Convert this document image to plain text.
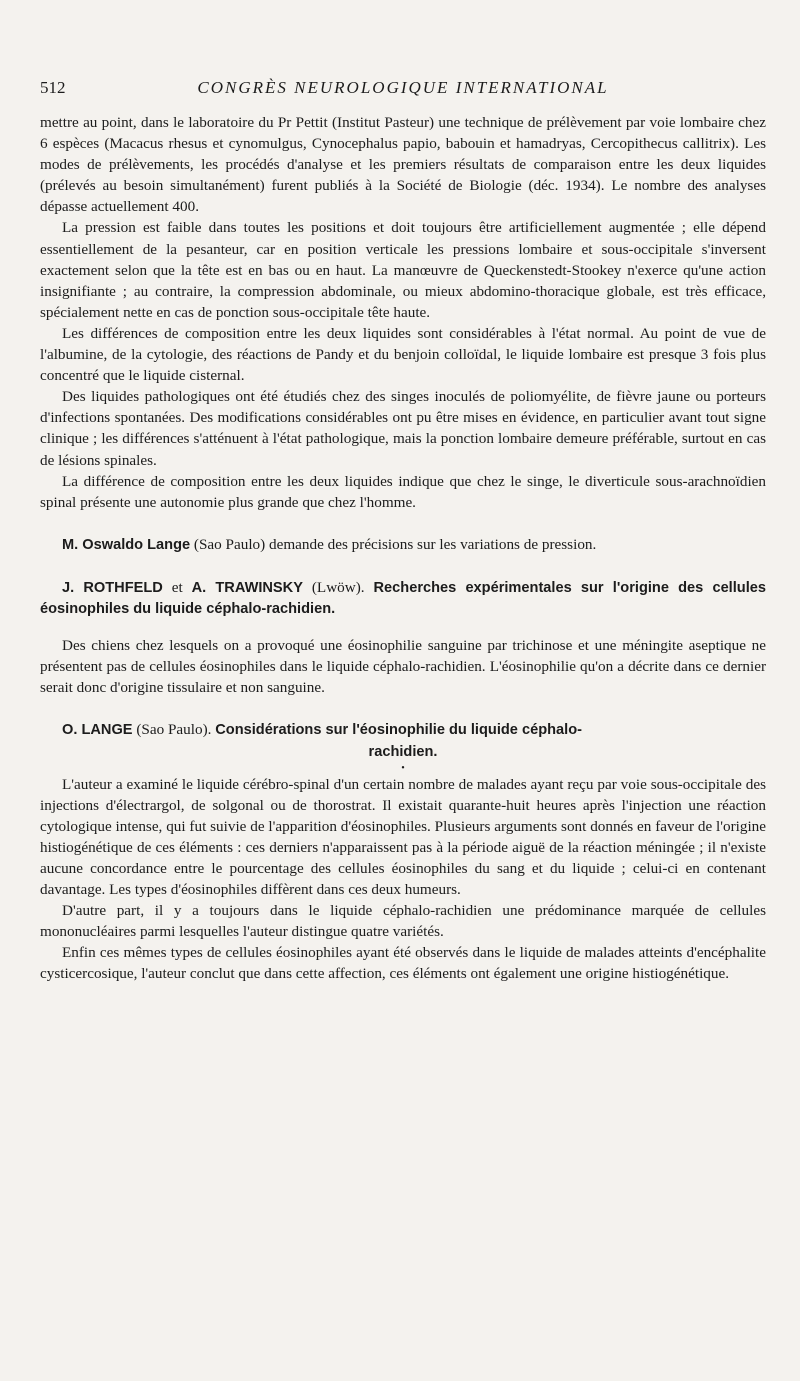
512	CONGRÈS NEUROLOGIQUE INTERNATIONAL

mettre au point, dans le laboratoire du Pr Pettit (Institut Pasteur) une technique de prélèvement par voie lombaire chez 6 espèces (Macacus rhesus et cynomulgus, Cynocephalus papio, babouin et hamadryas, Cercopithecus callitrix). Les modes de prélèvements, les procédés d'analyse et les premiers résultats de comparaison entre les deux liquides (prélevés au besoin simultanément) furent publiés à la Société de Biologie (déc. 1934). Le nombre des analyses dépasse actuellement 400.

La pression est faible dans toutes les positions et doit toujours être artificiellement augmentée ; elle dépend essentiellement de la pesanteur, car en position verticale les pressions lombaire et sous-occipitale s'inversent exactement selon que la tête est en bas ou en haut. La manœuvre de Queckenstedt-Stookey n'exerce qu'une action insignifiante ; au contraire, la compression abdominale, ou mieux abdomino-thoracique globale, est très efficace, spécialement nette en cas de ponction sous-occipitale tête haute.

Les différences de composition entre les deux liquides sont considérables à l'état normal. Au point de vue de l'albumine, de la cytologie, des réactions de Pandy et du benjoin colloïdal, le liquide lombaire est presque 3 fois plus concentré que le liquide cisternal.

Des liquides pathologiques ont été étudiés chez des singes inoculés de poliomyélite, de fièvre jaune ou porteurs d'infections spontanées. Des modifications considérables ont pu être mises en évidence, en particulier avant tout signe clinique ; les différences s'atténuent à l'état pathologique, mais la ponction lombaire demeure préférable, surtout en cas de lésions spinales.

La différence de composition entre les deux liquides indique que chez le singe, le diverticule sous-arachnoïdien spinal présente une autonomie plus grande que chez l'homme.

M. Oswaldo Lange (Sao Paulo) demande des précisions sur les variations de pression.

J. ROTHFELD et A. TRAWINSKY (Lwöw). Recherches expérimentales sur l'origine des cellules éosinophiles du liquide céphalo-rachidien.

Des chiens chez lesquels on a provoqué une éosinophilie sanguine par trichinose et une méningite aseptique ne présentent pas de cellules éosinophiles dans le liquide céphalo-rachidien. L'éosinophilie qu'on a décrite dans ce dernier serait donc d'origine tissulaire et non sanguine.

O. LANGE (Sao Paulo). Considérations sur l'éosinophilie du liquide céphalo-

rachidien.

•

L'auteur a examiné le liquide cérébro-spinal d'un certain nombre de malades ayant reçu par voie sous-occipitale des injections d'électrargol, de solgonal ou de thorostrat. Il existait quarante-huit heures après l'injection une réaction cytologique intense, qui fut suivie de l'apparition d'éosinophiles. Plusieurs arguments sont donnés en faveur de l'origine histiogénétique de ces éléments : ces derniers n'apparaissent pas à la période aiguë de la réaction méningée ; il n'existe aucune concordance entre le pourcentage des cellules éosinophiles du sang et du liquide ; celui-ci en contenant davantage. Les types d'éosinophiles diffèrent dans ces deux humeurs.

D'autre part, il y a toujours dans le liquide céphalo-rachidien une prédominance marquée de cellules mononucléaires parmi lesquelles l'auteur distingue quatre variétés.

Enfin ces mêmes types de cellules éosinophiles ayant été observés dans le liquide de malades atteints d'encéphalite cysticercosique, l'auteur conclut que dans cette affection, ces éléments ont également une origine histiogénétique.
